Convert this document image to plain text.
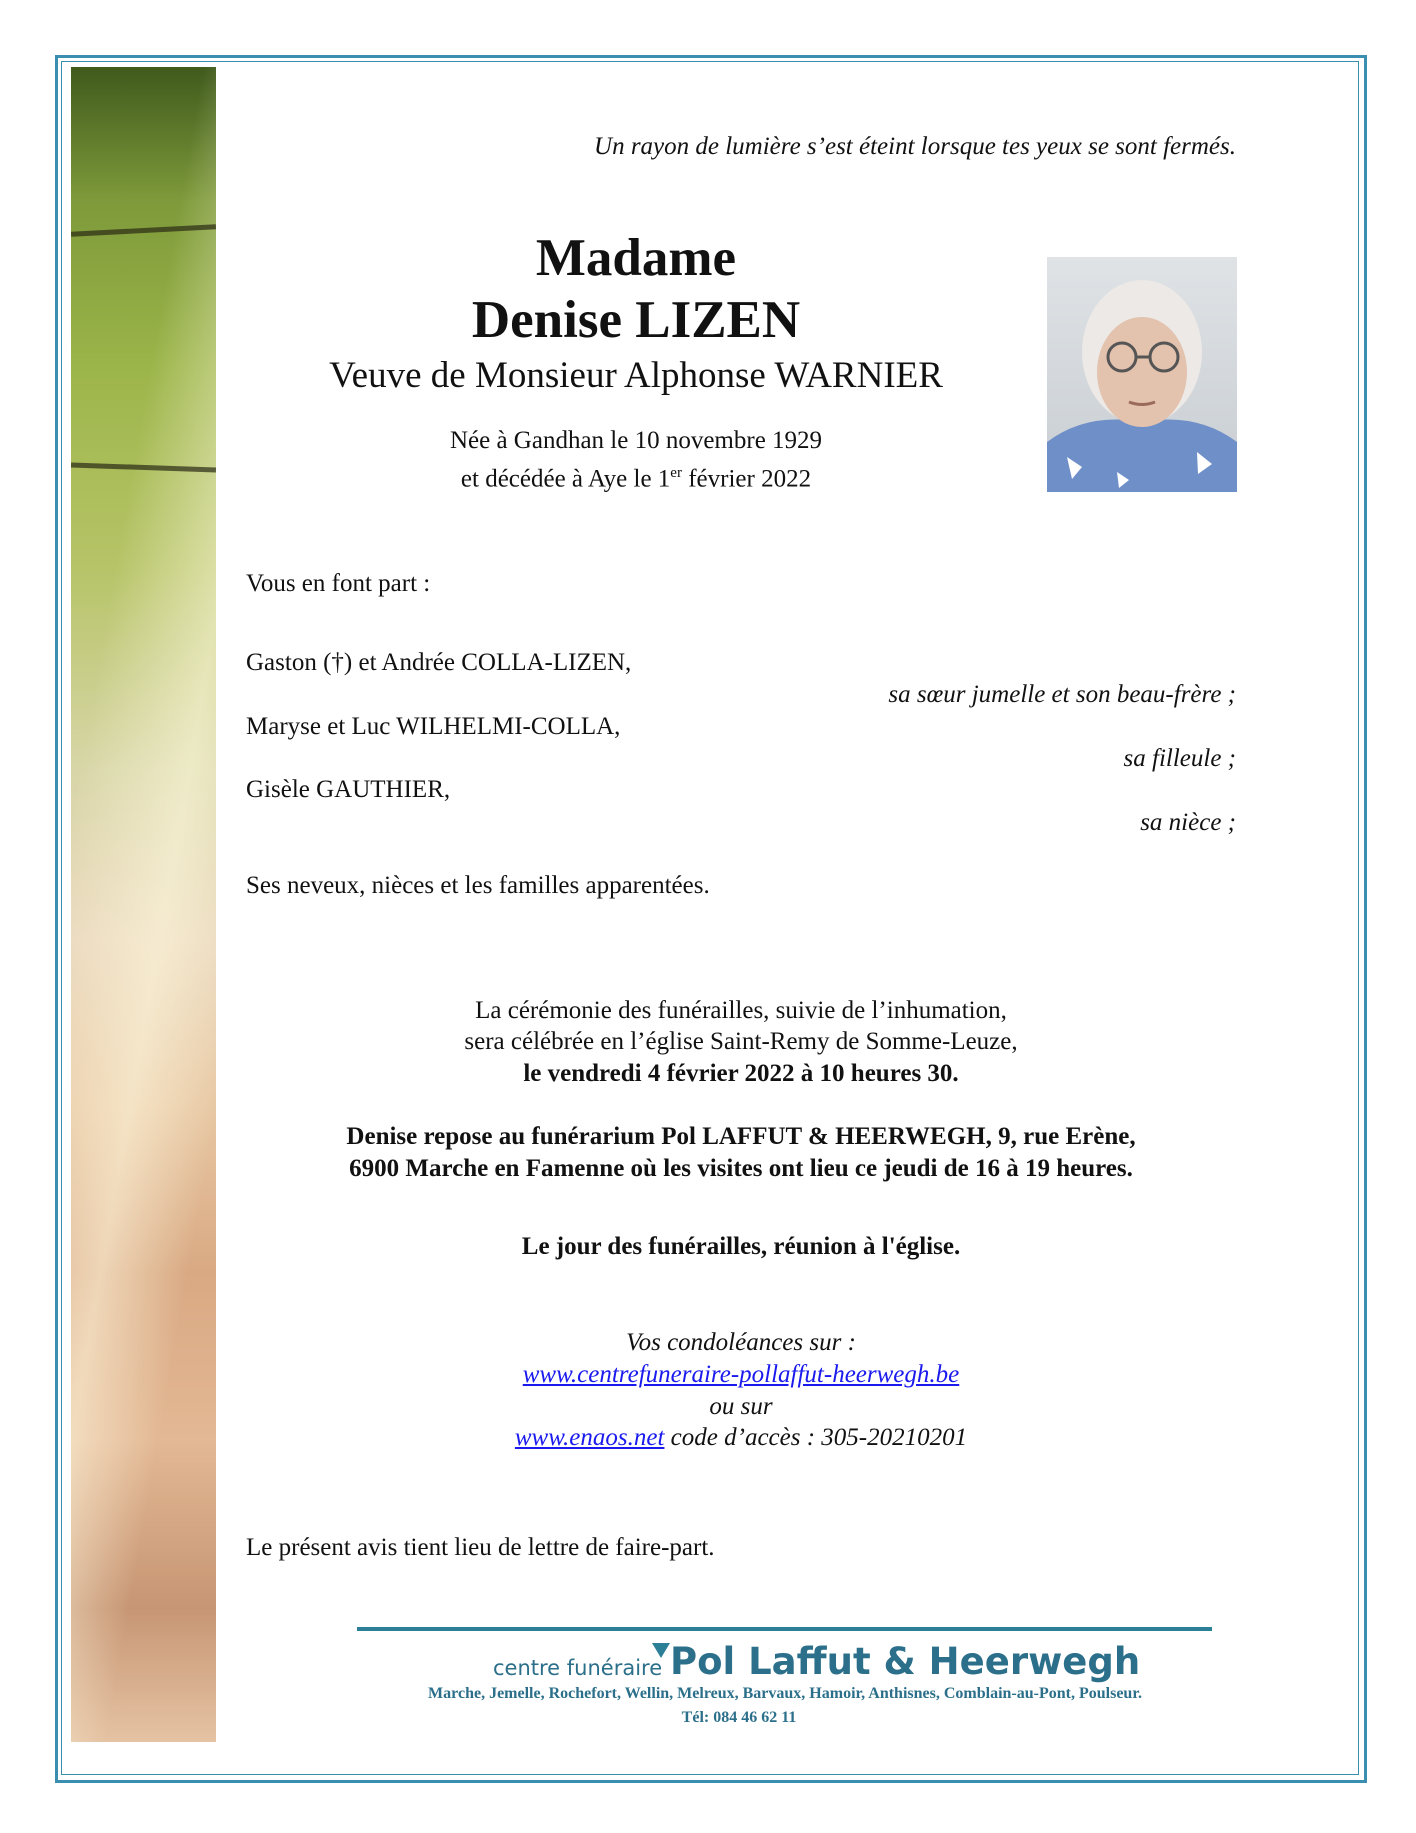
Un rayon de lumière s’est éteint lorsque tes yeux se sont fermés.
Madame
Denise LIZEN
Veuve de Monsieur Alphonse WARNIER
Née à Gandhan le 10 novembre 1929
et décédée à Aye le 1er février 2022
Vous en font part :
Gaston (†) et Andrée COLLA-LIZEN,
sa sœur jumelle et son beau-frère ;
Maryse et Luc WILHELMI-COLLA,
sa filleule ;
Gisèle GAUTHIER,
sa nièce ;
Ses neveux, nièces et les familles apparentées.
La cérémonie des funérailles, suivie de l’inhumation,
sera célébrée en l’église Saint-Remy de Somme-Leuze,
le vendredi 4 février 2022 à 10 heures 30.
Denise repose au funérarium Pol LAFFUT & HEERWEGH, 9, rue Erène,
6900 Marche en Famenne où les visites ont lieu ce jeudi de 16 à 19 heures.
Le jour des funérailles, réunion à l'église.
Vos condoléances sur :
www.centrefuneraire-pollaffut-heerwegh.be
ou sur
www.enaos.net code d’accès : 305-20210201
Le présent avis tient lieu de lettre de faire-part.
centre funéraire Pol Laffut & Heerwegh
Marche, Jemelle, Rochefort, Wellin, Melreux, Barvaux, Hamoir, Anthisnes, Comblain-au-Pont, Poulseur.
Tél: 084 46 62 11
